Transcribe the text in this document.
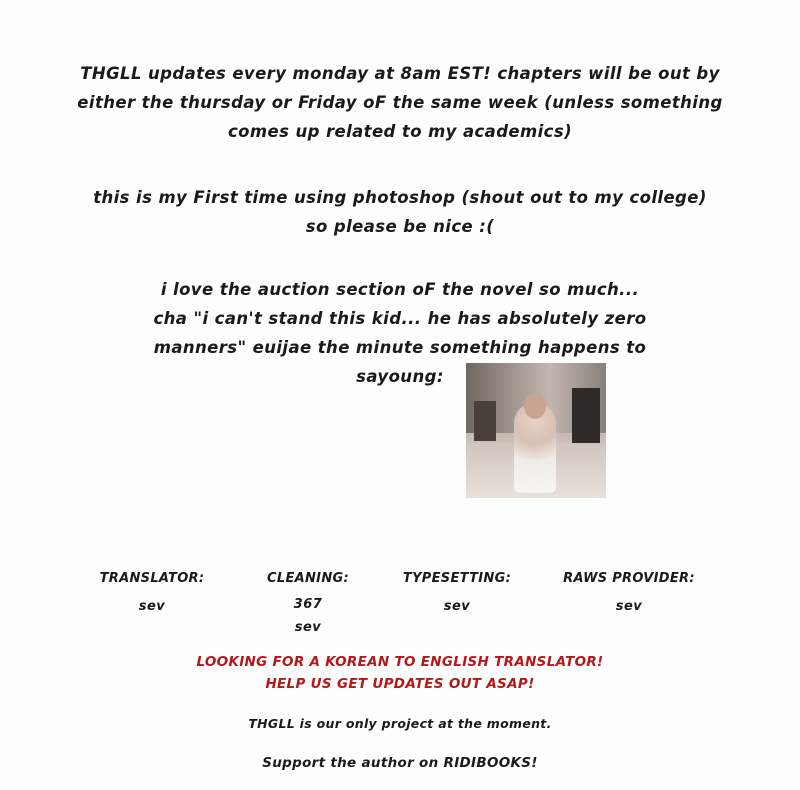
THGLL updates every monday at 8am EST! chapters will be out by
either the thursday or Friday oF the same week (unless something
comes up related to my academics)
this is my First time using photoshop (shout out to my college)
so please be nice :(
i love the auction section oF the novel so much...
cha "i can't stand this kid... he has absolutely zero
manners" euijae the minute something happens to
sayoung:
TRANSLATOR:
sev
CLEANING:
367
sev
TYPESETTING:
sev
RAWS PROVIDER:
sev
LOOKING FOR A KOREAN TO ENGLISH TRANSLATOR!
HELP US GET UPDATES OUT ASAP!
THGLL is our only project at the moment.
Support the author on RIDIBOOKS!
